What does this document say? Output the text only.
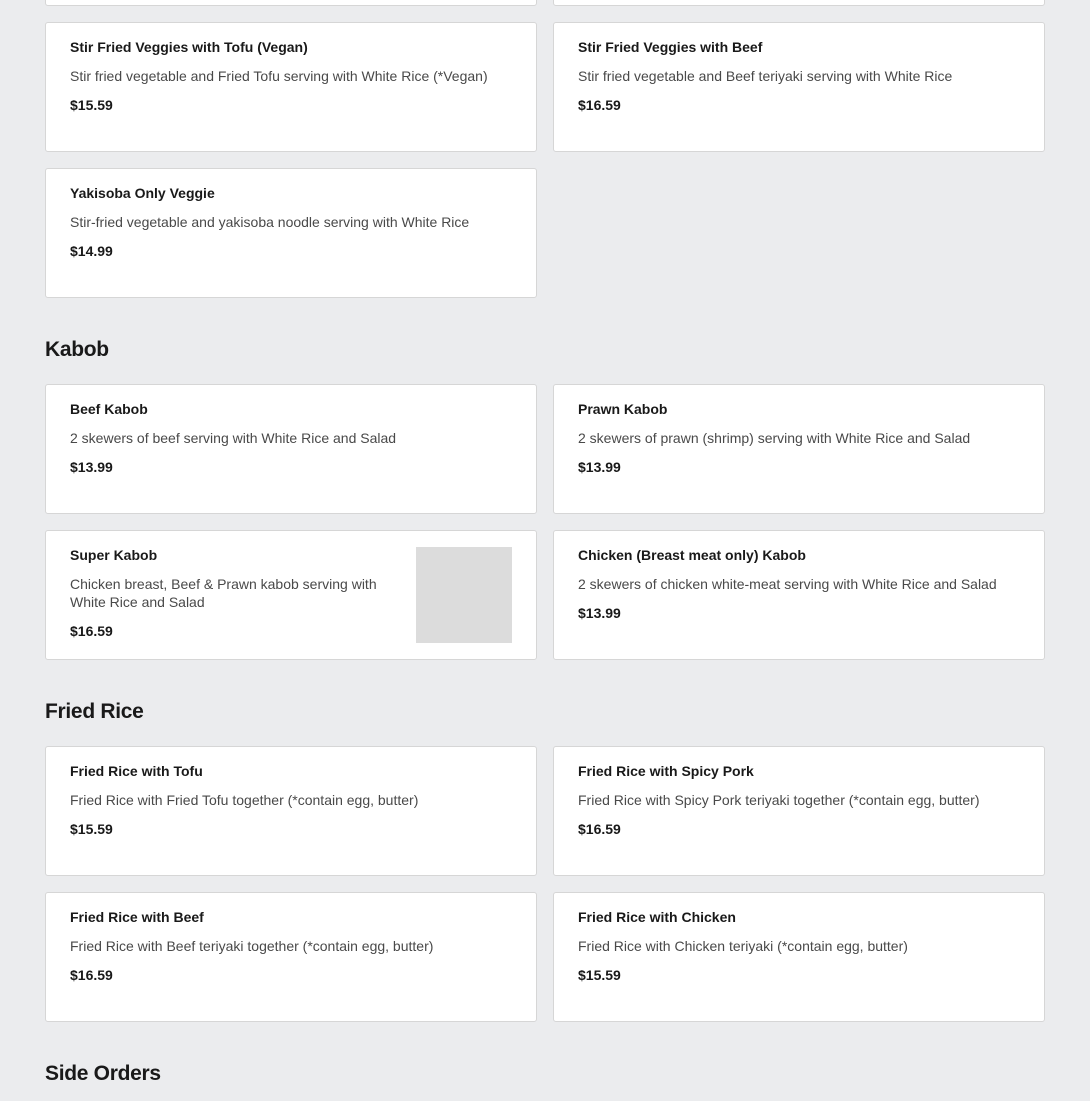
Stir Fried Veggies with Tofu (Vegan)
Stir fried vegetable and Fried Tofu serving with White Rice (*Vegan)
$15.59
Stir Fried Veggies with Beef
Stir fried vegetable and Beef teriyaki serving with White Rice
$16.59
Yakisoba Only Veggie
Stir-fried vegetable and yakisoba noodle serving with White Rice
$14.99
Kabob
Beef Kabob
2 skewers of beef serving with White Rice and Salad
$13.99
Prawn Kabob
2 skewers of prawn (shrimp) serving with White Rice and Salad
$13.99
Super Kabob
Chicken breast, Beef & Prawn kabob serving with White Rice and Salad
$16.59
Chicken (Breast meat only) Kabob
2 skewers of chicken white-meat serving with White Rice and Salad
$13.99
Fried Rice
Fried Rice with Tofu
Fried Rice with Fried Tofu together (*contain egg, butter)
$15.59
Fried Rice with Spicy Pork
Fried Rice with Spicy Pork teriyaki together (*contain egg, butter)
$16.59
Fried Rice with Beef
Fried Rice with Beef teriyaki together (*contain egg, butter)
$16.59
Fried Rice with Chicken
Fried Rice with Chicken teriyaki (*contain egg, butter)
$15.59
Side Orders
